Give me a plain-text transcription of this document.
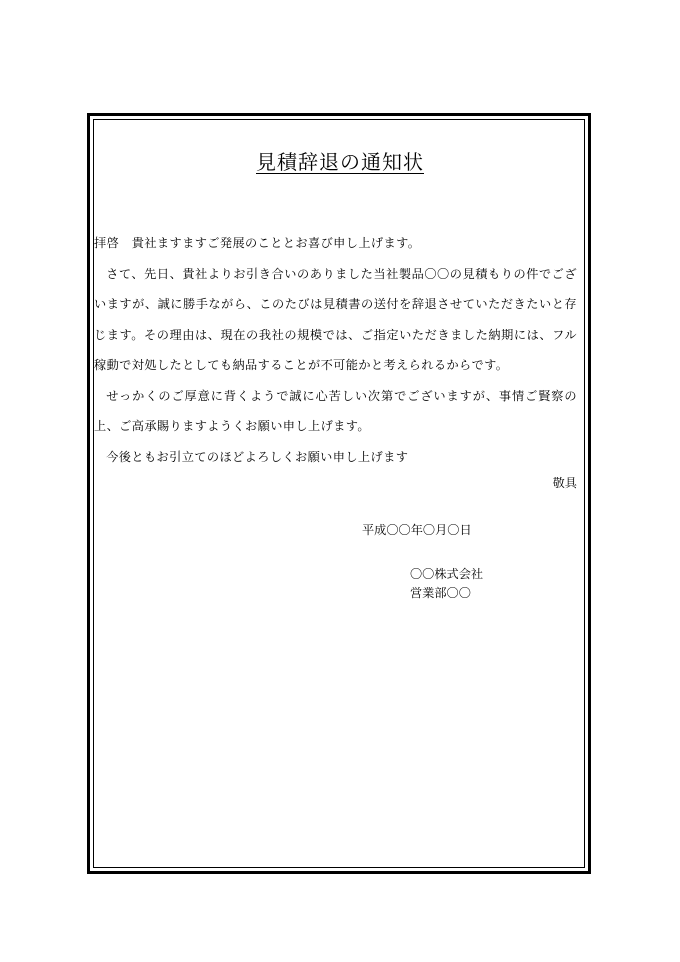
見積辞退の通知状

拝啓　貴社ますますご発展のこととお喜び申し上げます。

さて、先日、貴社よりお引き合いのありました当社製品〇〇の見積もりの件でございますが、誠に勝手ながら、このたびは見積書の送付を辞退させていただきたいと存じます。その理由は、現在の我社の規模では、ご指定いただきました納期には、フル稼動で対処したとしても納品することが不可能かと考えられるからです。

せっかくのご厚意に背くようで誠に心苦しい次第でございますが、事情ご賢察の上、ご高承賜りますようくお願い申し上げます。

今後ともお引立てのほどよろしくお願い申し上げます

敬具
平成〇〇年〇月〇日
〇〇株式会社
営業部〇〇
